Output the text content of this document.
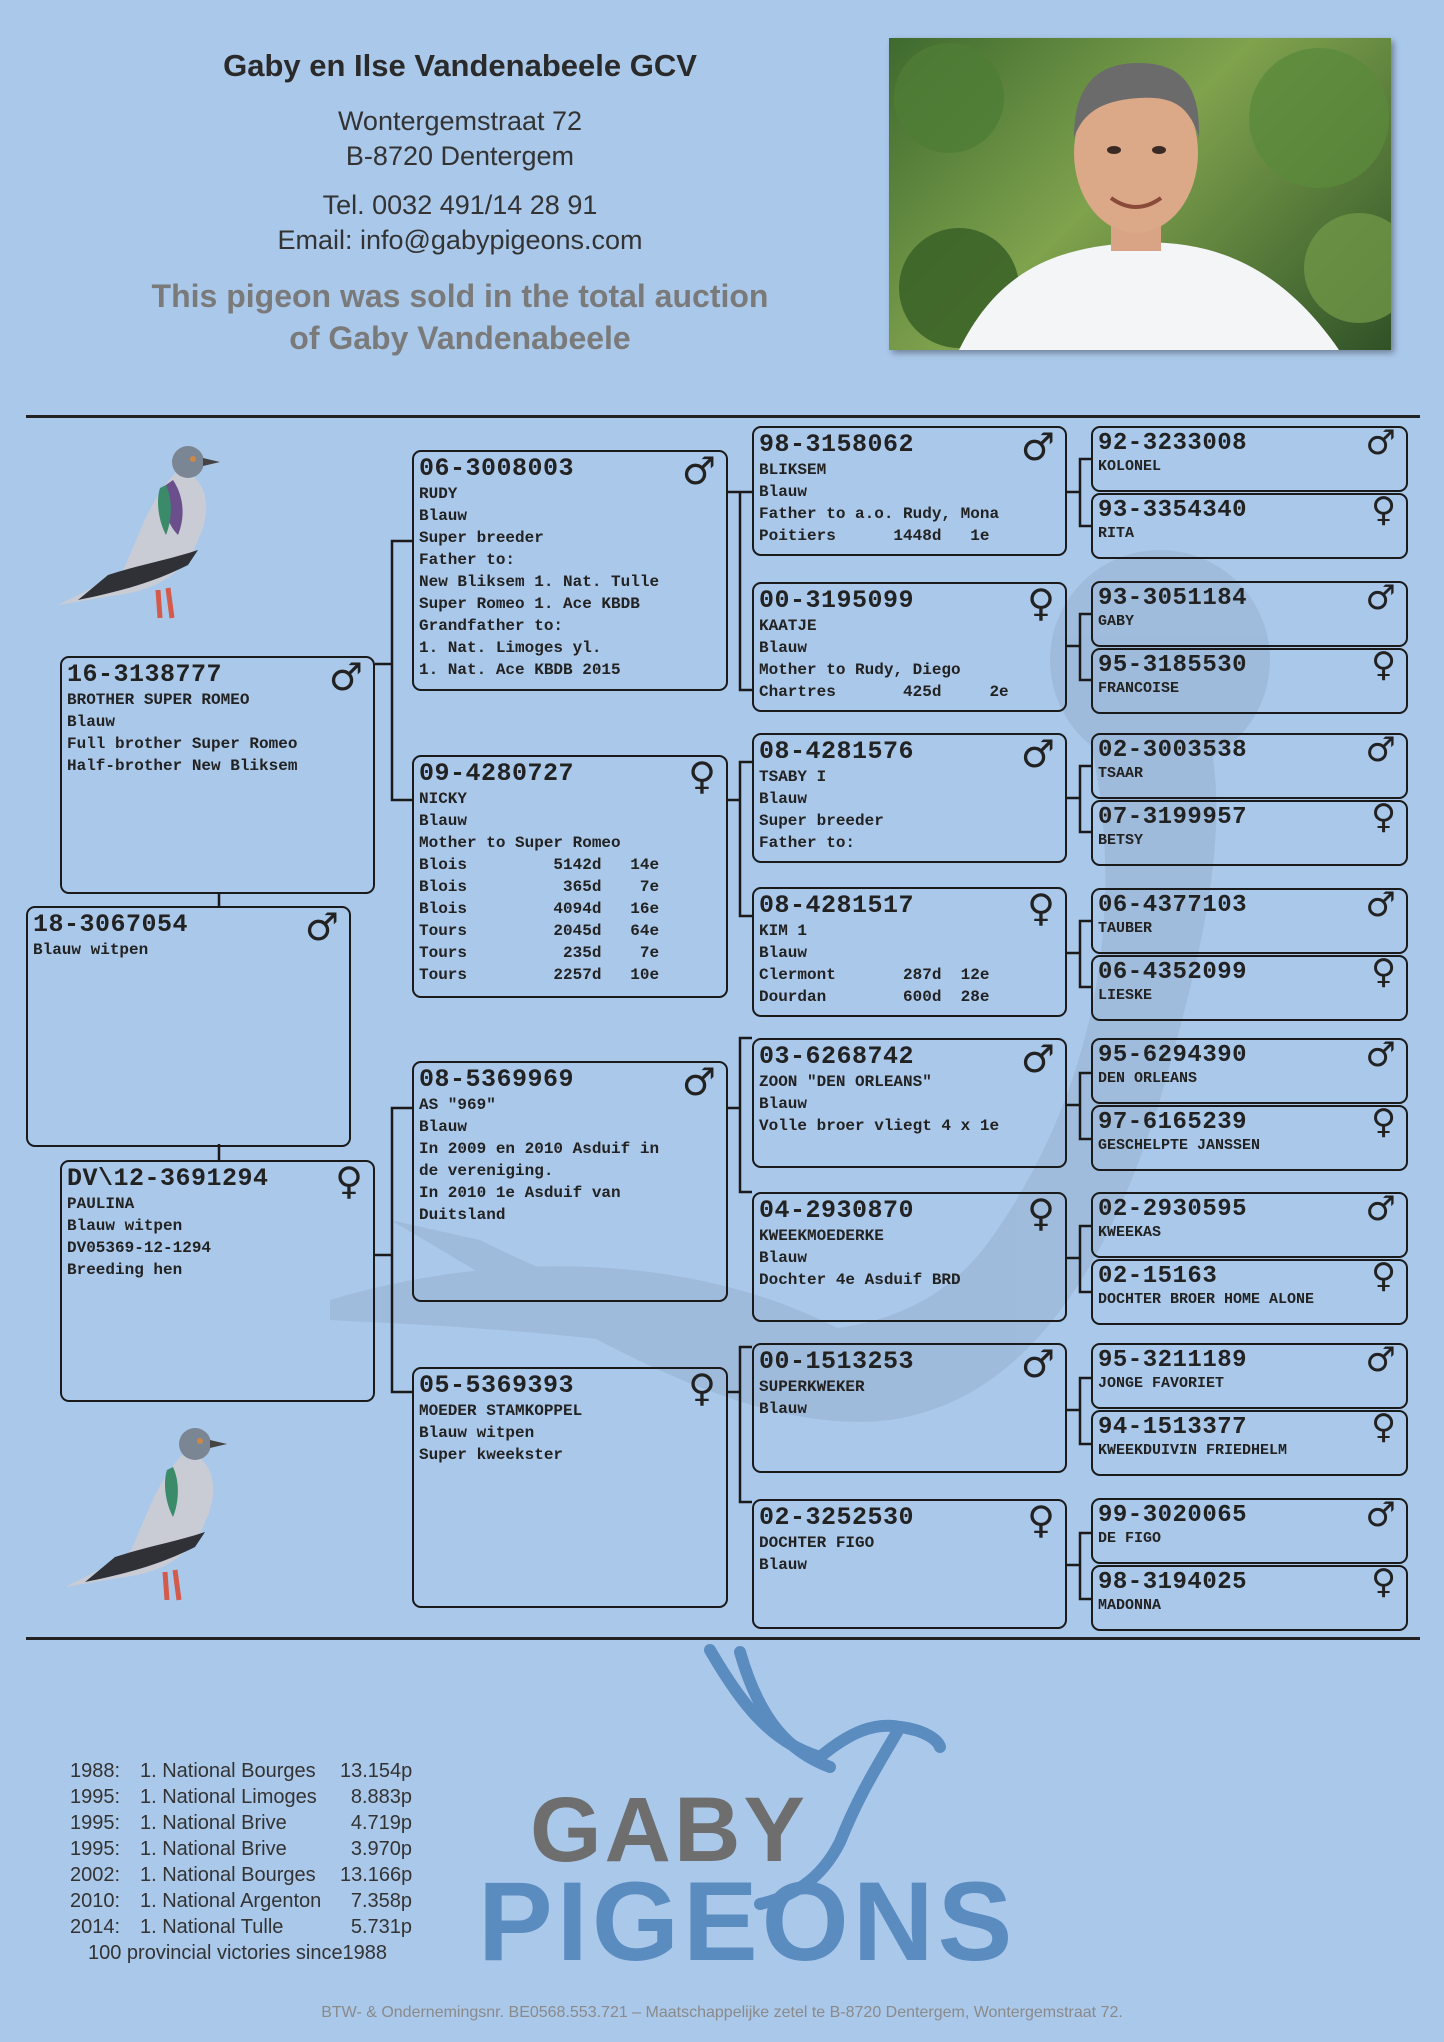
Gaby en Ilse Vandenabeele GCV
Wontergemstraat 72
B-8720 Dentergem
Tel. 0032 491/14 28 91
Email: info@gabypigeons.com
This pigeon was sold in the total auction
of Gaby Vandenabeele
18-3067054	♂
Blauw witpen
16-3138777	♂
BROTHER SUPER ROMEO
Blauw
Full brother Super Romeo
Half-brother New Bliksem
DV\12-3691294	♀
PAULINA
Blauw witpen
DV05369-12-1294
Breeding hen
06-3008003	♂
RUDY
Blauw
Super breeder
Father to:
New Bliksem 1. Nat. Tulle
Super Romeo 1. Ace KBDB
Grandfather to:
1. Nat. Limoges yl.
1. Nat. Ace KBDB 2015
09-4280727	♀
NICKY
Blauw
Mother to Super Romeo
Blois         5142d   14e
Blois          365d    7e
Blois         4094d   16e
Tours         2045d   64e
Tours          235d    7e
Tours         2257d   10e
08-5369969	♂
AS "969"
Blauw
In 2009 en 2010 Asduif in
de vereniging.
In 2010 1e Asduif van
Duitsland
05-5369393	♀
MOEDER STAMKOPPEL
Blauw witpen
Super kweekster
98-3158062	♂
BLIKSEM
Blauw
Father to a.o. Rudy, Mona
Poitiers      1448d   1e
00-3195099	♀
KAATJE
Blauw
Mother to Rudy, Diego
Chartres       425d     2e
08-4281576	♂
TSABY I
Blauw
Super breeder
Father to:
08-4281517	♀
KIM 1
Blauw
Clermont       287d  12e
Dourdan        600d  28e
03-6268742	♂
ZOON "DEN ORLEANS"
Blauw
Volle broer vliegt 4 x 1e
04-2930870	♀
KWEEKMOEDERKE
Blauw
Dochter 4e Asduif BRD
00-1513253	♂
SUPERKWEKER
Blauw
02-3252530	♀
DOCHTER FIGO
Blauw
92-3233008	♂
KOLONEL
93-3354340	♀
RITA
93-3051184	♂
GABY
95-3185530	♀
FRANCOISE
02-3003538	♂
TSAAR
07-3199957	♀
BETSY
06-4377103	♂
TAUBER
06-4352099	♀
LIESKE
95-6294390	♂
DEN ORLEANS
97-6165239	♀
GESCHELPTE JANSSEN
02-2930595	♂
KWEEKAS
02-15163	♀
DOCHTER BROER HOME ALONE
95-3211189	♂
JONGE FAVORIET
94-1513377	♀
KWEEKDUIVIN FRIEDHELM
99-3020065	♂
DE FIGO
98-3194025	♀
MADONNA
1988: 1. National Bourges	13.154p
1995: 1. National Limoges	8.883p
1995: 1. National Brive	4.719p
1995: 1. National Brive	3.970p
2002: 1. National Bourges	13.166p
2010: 1. National Argenton	7.358p
2014: 1. National Tulle	5.731p
100 provincial victories since1988
GABY
PIGEONS
BTW- & Ondernemingsnr. BE0568.553.721 – Maatschappelijke zetel te B-8720 Dentergem, Wontergemstraat 72.
